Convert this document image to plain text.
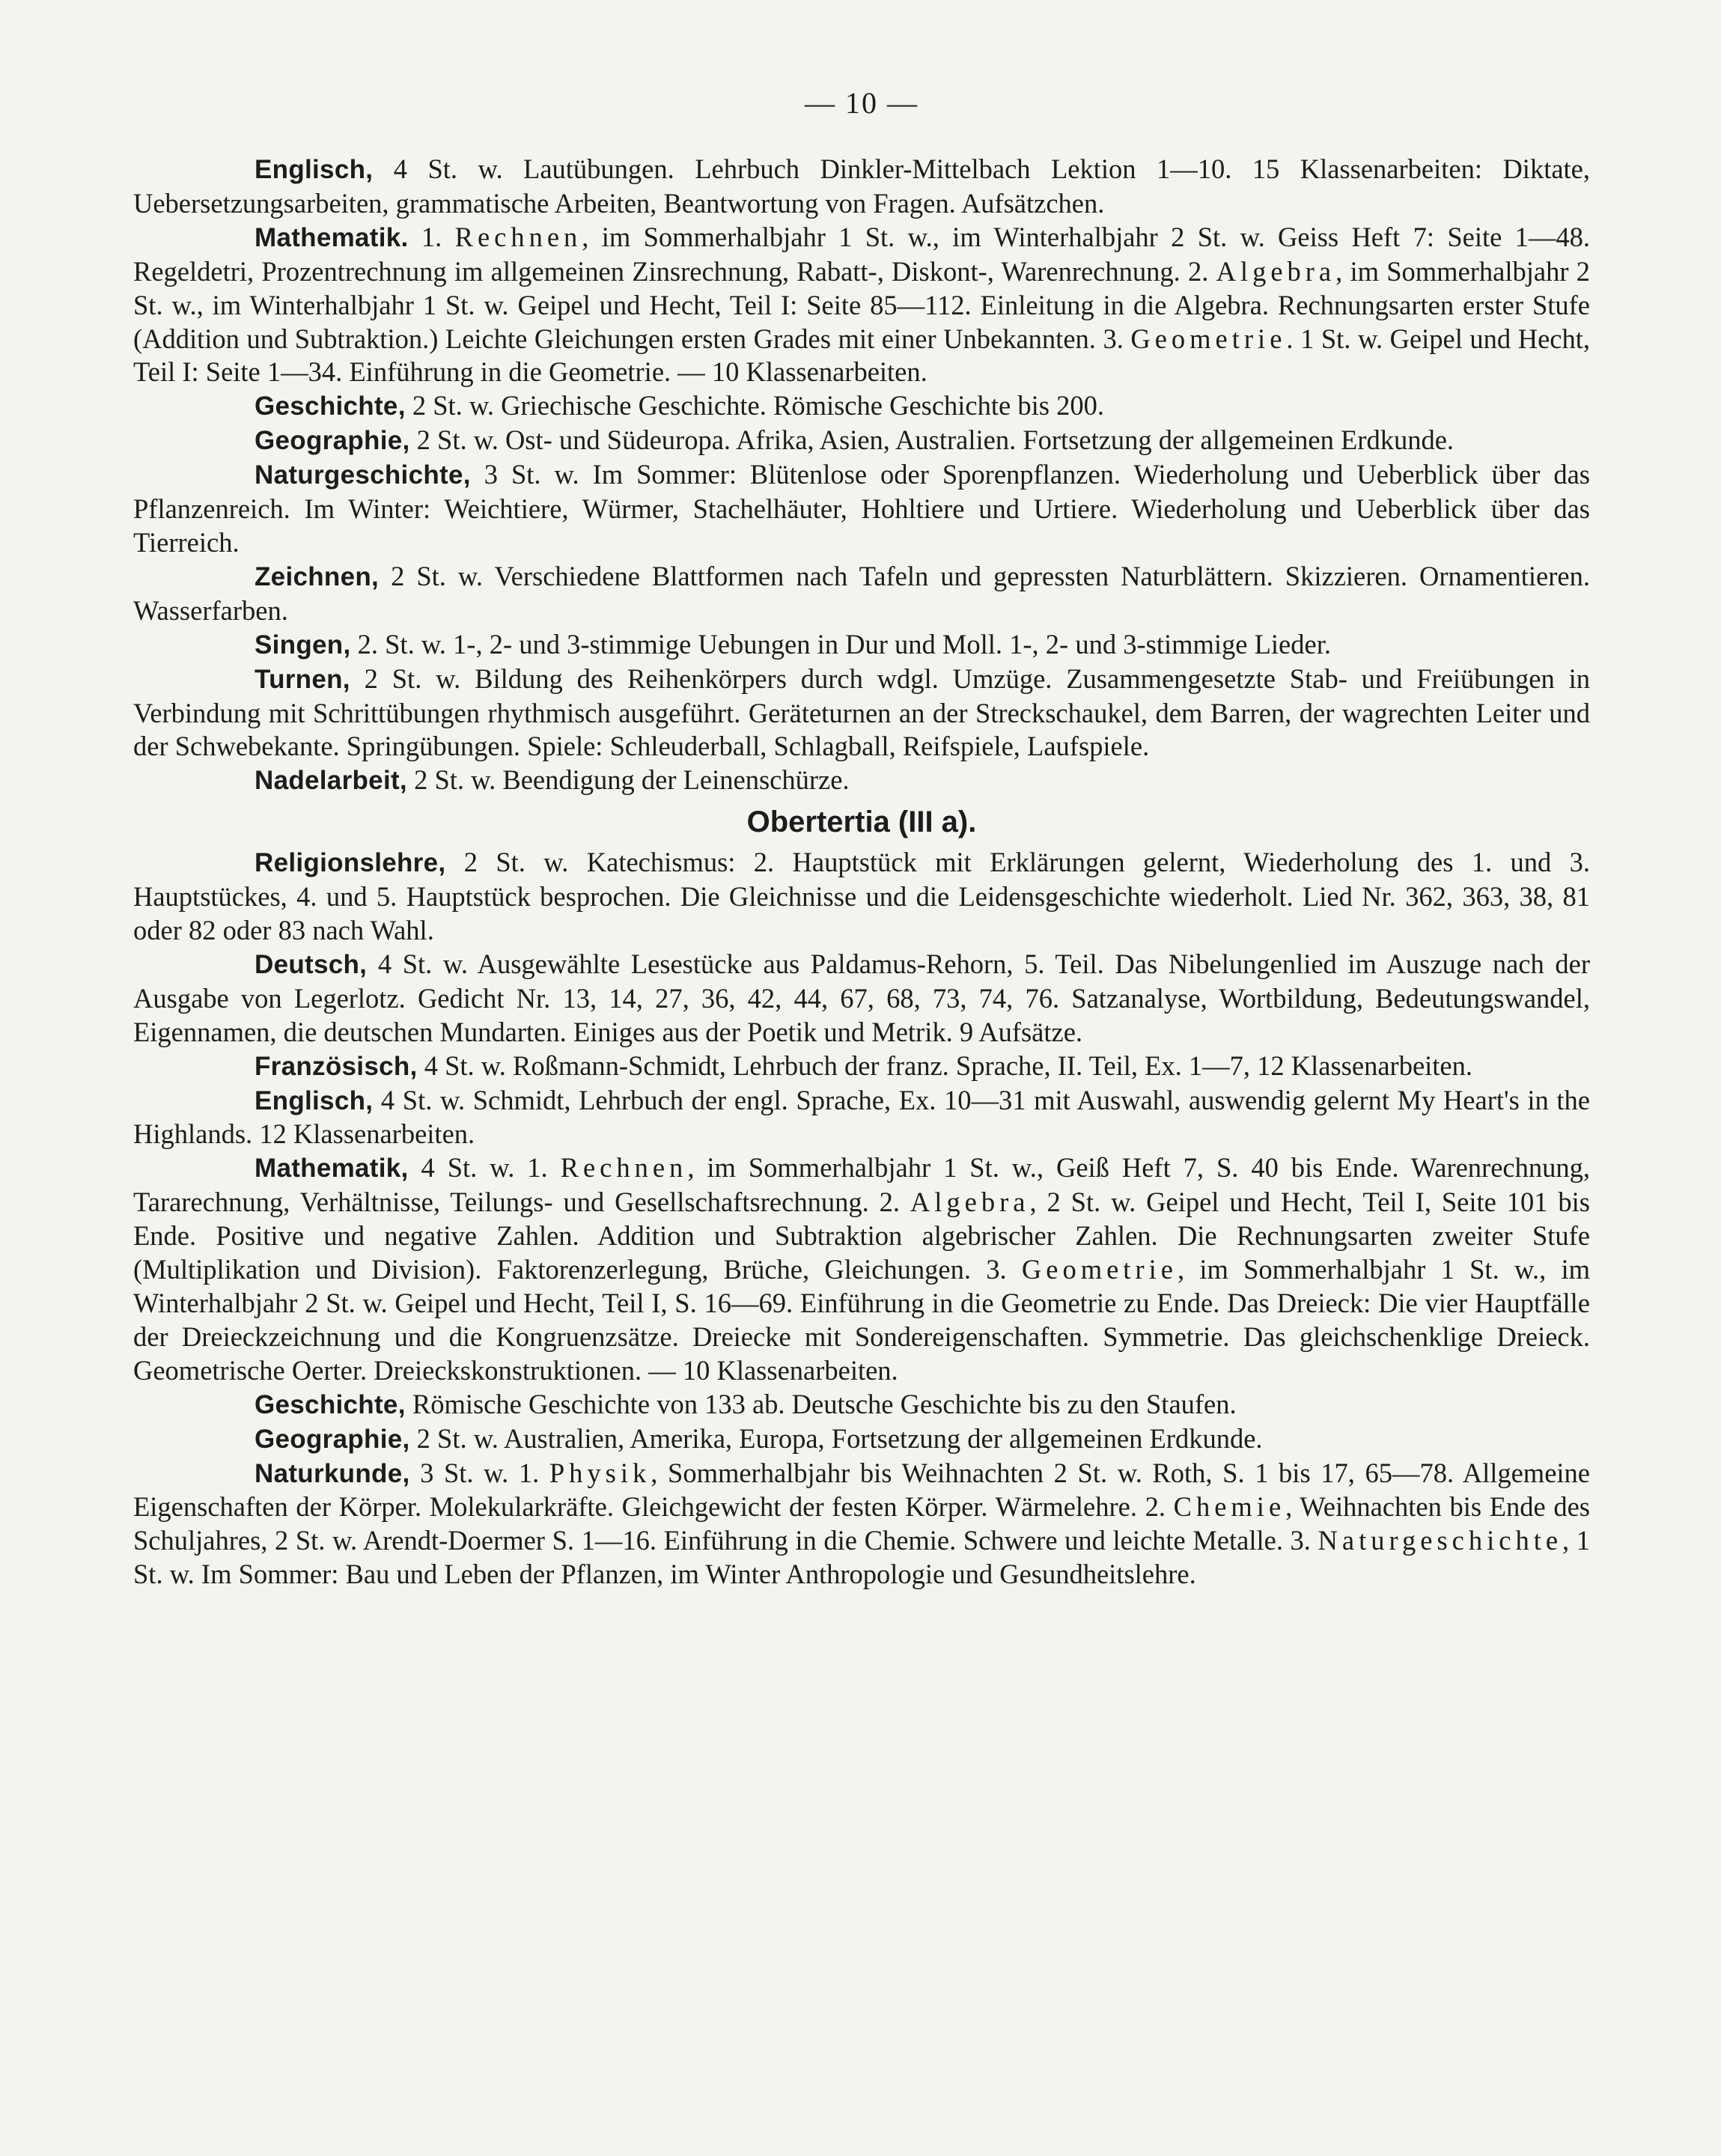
— 10 —

Englisch, 4 St. w. Lautübungen. Lehrbuch Dinkler-Mittelbach Lektion 1—10. 15 Klassenarbeiten: Diktate, Uebersetzungsarbeiten, grammatische Arbeiten, Beantwortung von Fragen. Aufsätzchen.

Mathematik. 1. Rechnen, im Sommerhalbjahr 1 St. w., im Winterhalbjahr 2 St. w. Geiss Heft 7: Seite 1—48. Regeldetri, Prozentrechnung im allgemeinen Zinsrechnung, Rabatt-, Diskont-, Warenrechnung. 2. Algebra, im Sommerhalbjahr 2 St. w., im Winterhalbjahr 1 St. w. Geipel und Hecht, Teil I: Seite 85—112. Einleitung in die Algebra. Rechnungsarten erster Stufe (Addition und Subtraktion.) Leichte Gleichungen ersten Grades mit einer Unbekannten. 3. Geometrie. 1 St. w. Geipel und Hecht, Teil I: Seite 1—34. Einführung in die Geometrie. — 10 Klassenarbeiten.

Geschichte, 2 St. w. Griechische Geschichte. Römische Geschichte bis 200.

Geographie, 2 St. w. Ost- und Südeuropa. Afrika, Asien, Australien. Fortsetzung der allgemeinen Erdkunde.

Naturgeschichte, 3 St. w. Im Sommer: Blütenlose oder Sporenpflanzen. Wiederholung und Ueberblick über das Pflanzenreich. Im Winter: Weichtiere, Würmer, Stachelhäuter, Hohltiere und Urtiere. Wiederholung und Ueberblick über das Tierreich.

Zeichnen, 2 St. w. Verschiedene Blattformen nach Tafeln und gepressten Naturblättern. Skizzieren. Ornamentieren. Wasserfarben.

Singen, 2. St. w. 1-, 2- und 3-stimmige Uebungen in Dur und Moll. 1-, 2- und 3-stimmige Lieder.

Turnen, 2 St. w. Bildung des Reihenkörpers durch wdgl. Umzüge. Zusammengesetzte Stab- und Freiübungen in Verbindung mit Schrittübungen rhythmisch ausgeführt. Geräteturnen an der Streckschaukel, dem Barren, der wagrechten Leiter und der Schwebekante. Springübungen. Spiele: Schleuderball, Schlagball, Reifspiele, Laufspiele.

Nadelarbeit, 2 St. w. Beendigung der Leinenschürze.

Obertertia (III a).

Religionslehre, 2 St. w. Katechismus: 2. Hauptstück mit Erklärungen gelernt, Wiederholung des 1. und 3. Hauptstückes, 4. und 5. Hauptstück besprochen. Die Gleichnisse und die Leidensgeschichte wiederholt. Lied Nr. 362, 363, 38, 81 oder 82 oder 83 nach Wahl.

Deutsch, 4 St. w. Ausgewählte Lesestücke aus Paldamus-Rehorn, 5. Teil. Das Nibelungenlied im Auszuge nach der Ausgabe von Legerlotz. Gedicht Nr. 13, 14, 27, 36, 42, 44, 67, 68, 73, 74, 76. Satzanalyse, Wortbildung, Bedeutungswandel, Eigennamen, die deutschen Mundarten. Einiges aus der Poetik und Metrik. 9 Aufsätze.

Französisch, 4 St. w. Roßmann-Schmidt, Lehrbuch der franz. Sprache, II. Teil, Ex. 1—7, 12 Klassenarbeiten.

Englisch, 4 St. w. Schmidt, Lehrbuch der engl. Sprache, Ex. 10—31 mit Auswahl, auswendig gelernt My Heart's in the Highlands. 12 Klassenarbeiten.

Mathematik, 4 St. w. 1. Rechnen, im Sommerhalbjahr 1 St. w., Geiß Heft 7, S. 40 bis Ende. Warenrechnung, Tararechnung, Verhältnisse, Teilungs- und Gesellschaftsrechnung. 2. Algebra, 2 St. w. Geipel und Hecht, Teil I, Seite 101 bis Ende. Positive und negative Zahlen. Addition und Subtraktion algebrischer Zahlen. Die Rechnungsarten zweiter Stufe (Multiplikation und Division). Faktorenzerlegung, Brüche, Gleichungen. 3. Geometrie, im Sommerhalbjahr 1 St. w., im Winterhalbjahr 2 St. w. Geipel und Hecht, Teil I, S. 16—69. Einführung in die Geometrie zu Ende. Das Dreieck: Die vier Hauptfälle der Dreieckzeichnung und die Kongruenzsätze. Dreiecke mit Sondereigenschaften. Symmetrie. Das gleichschenklige Dreieck. Geometrische Oerter. Dreieckskonstruktionen. — 10 Klassenarbeiten.

Geschichte, Römische Geschichte von 133 ab. Deutsche Geschichte bis zu den Staufen.

Geographie, 2 St. w. Australien, Amerika, Europa, Fortsetzung der allgemeinen Erdkunde.

Naturkunde, 3 St. w. 1. Physik, Sommerhalbjahr bis Weihnachten 2 St. w. Roth, S. 1 bis 17, 65—78. Allgemeine Eigenschaften der Körper. Molekularkräfte. Gleichgewicht der festen Körper. Wärmelehre. 2. Chemie, Weihnachten bis Ende des Schuljahres, 2 St. w. Arendt-Doermer S. 1—16. Einführung in die Chemie. Schwere und leichte Metalle. 3. Naturgeschichte, 1 St. w. Im Sommer: Bau und Leben der Pflanzen, im Winter Anthropologie und Gesundheitslehre.
